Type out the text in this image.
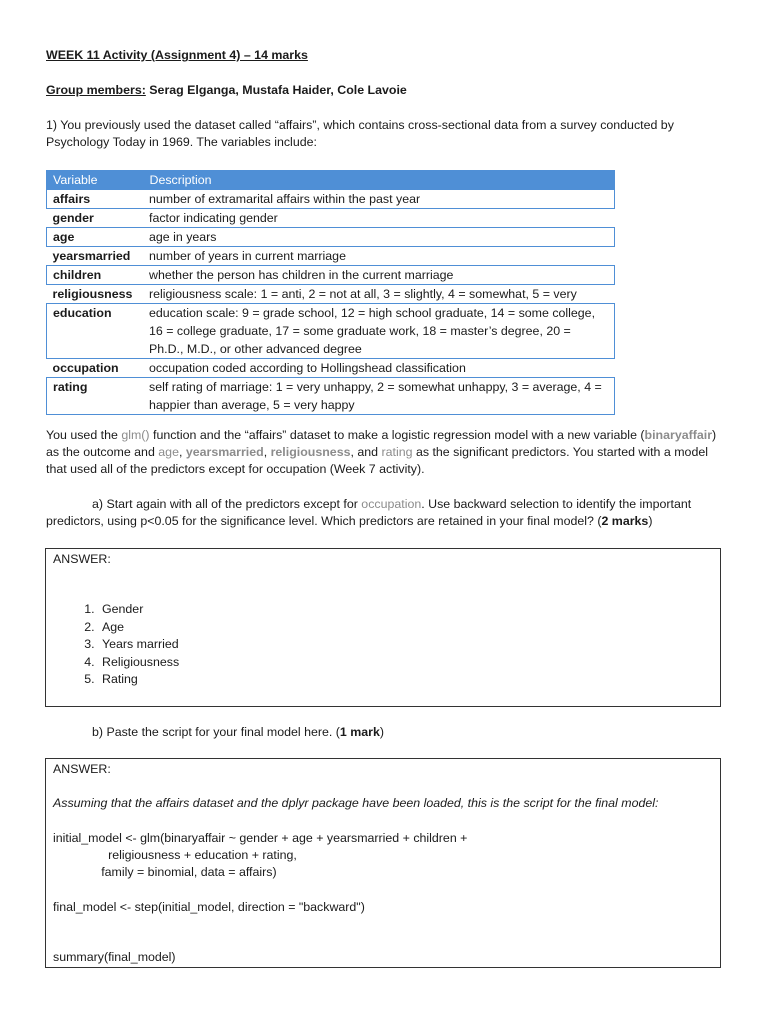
WEEK 11 Activity (Assignment 4) – 14 marks
Group members: Serag Elganga, Mustafa Haider, Cole Lavoie
1) You previously used the dataset called “affairs”, which contains cross-sectional data from a survey conducted by
Psychology Today in 1969. The variables include:
Variable	Description
affairs	number of extramarital affairs within the past year
gender	factor indicating gender
age	age in years
yearsmarried	number of years in current marriage
children	whether the person has children in the current marriage
religiousness	religiousness scale: 1 = anti, 2 = not at all, 3 = slightly, 4 = somewhat, 5 = very
education	education scale: 9 = grade school, 12 = high school graduate, 14 = some college, 16 = college graduate, 17 = some graduate work, 18 = master’s degree, 20 = Ph.D., M.D., or other advanced degree
occupation	occupation coded according to Hollingshead classification
rating	self rating of marriage: 1 = very unhappy, 2 = somewhat unhappy, 3 = average, 4 = happier than average, 5 = very happy
You used the glm() function and the “affairs” dataset to make a logistic regression model with a new variable (binaryaffair) as the outcome and age, yearsmarried, religiousness, and rating as the significant predictors. You started with a model that used all of the predictors except for occupation (Week 7 activity).
a) Start again with all of the predictors except for occupation. Use backward selection to identify the important predictors, using p<0.05 for the significance level. Which predictors are retained in your final model? (2 marks)
ANSWER:
1. Gender
2. Age
3. Years married
4. Religiousness
5. Rating
b) Paste the script for your final model here. (1 mark)
ANSWER:
Assuming that the affairs dataset and the dplyr package have been loaded, this is the script for the final model:
initial_model <- glm(binaryaffair ~ gender + age + yearsmarried + children +
religiousness + education + rating,
family = binomial, data = affairs)
final_model <- step(initial_model, direction = "backward")
summary(final_model)
